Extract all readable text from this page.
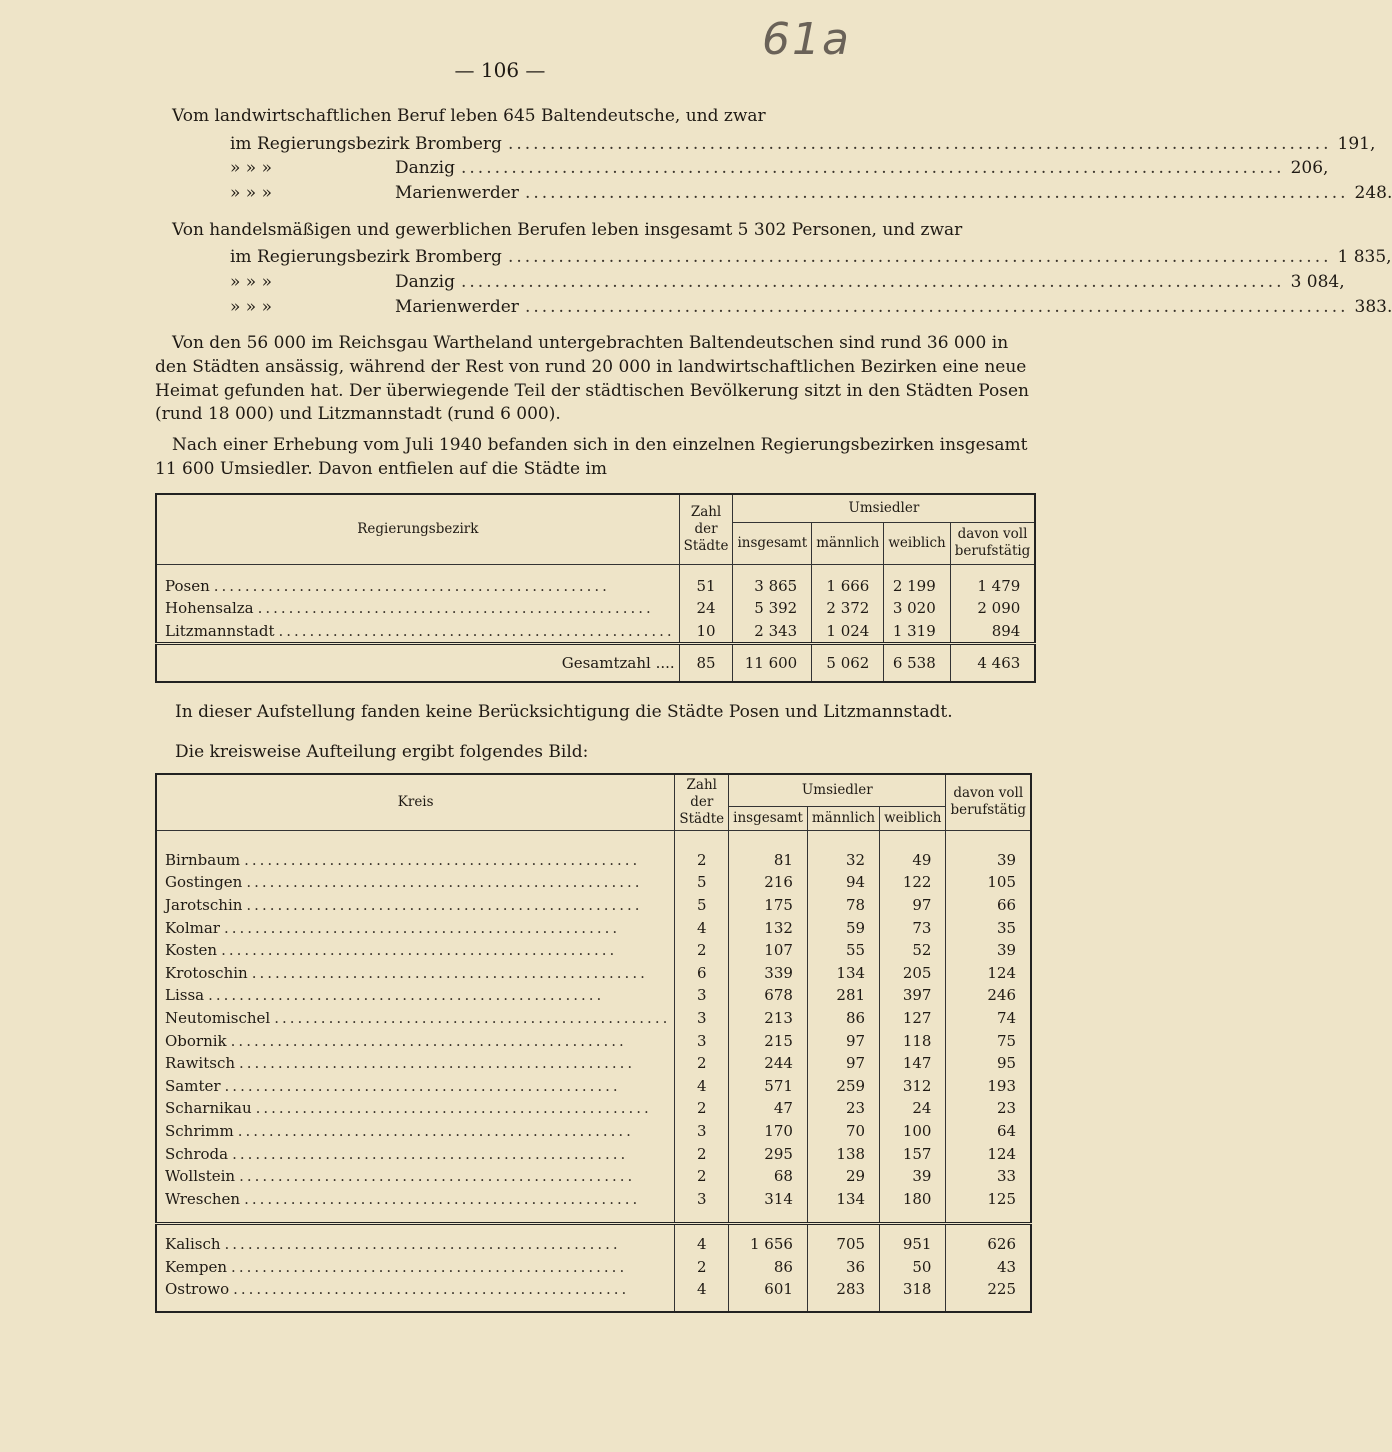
61a
— 106 —
Vom landwirtschaftlichen Beruf leben 645 Baltendeutsche, und zwar
im Regierungsbezirk Bromberg .................................................................................................. 191,
» » »	Danzig .................................................................................................. 206,
» » »	Marienwerder .................................................................................................. 248.
Von handelsmäßigen und gewerblichen Berufen leben insgesamt 5 302 Personen, und zwar
im Regierungsbezirk Bromberg .................................................................................................. 1 835,
» » »	Danzig .................................................................................................. 3 084,
» » »	Marienwerder .................................................................................................. 383.
Von den 56 000 im Reichsgau Wartheland untergebrachten Baltendeutschen sind rund 36 000 in
den Städten ansässig, während der Rest von rund 20 000 in landwirtschaftlichen Bezirken eine neue
Heimat gefunden hat. Der überwiegende Teil der städtischen Bevölkerung sitzt in den Städten Posen
(rund 18 000) und Litzmannstadt (rund 6 000).
Nach einer Erhebung vom Juli 1940 befanden sich in den einzelnen Regierungsbezirken insgesamt
11 600 Umsiedler. Davon entfielen auf die Städte im
Regierungsbezirk	Zahl der Städte	Umsiedler			
		insgesamt	männlich	weiblich	davon voll berufstätig

Posen ...................................................	51	3 865	1 666	2 199	1 479

Hohensalza ...................................................	24	5 392	2 372	3 020	2 090

Litzmannstadt ...................................................	10	2 343	1 024	1 319	894
Gesamtzahl ....	85	11 600	5 062	6 538	4 463
In dieser Aufstellung fanden keine Berücksichtigung die Städte Posen und Litzmannstadt.
Die kreisweise Aufteilung ergibt folgendes Bild:
Kreis	Zahl der Städte	Umsiedler			davon voll berufstätig
		insgesamt	männlich	weiblich	

Birnbaum ...................................................	2	81	32	49	39

Gostingen ...................................................	5	216	94	122	105

Jarotschin ...................................................	5	175	78	97	66

Kolmar ...................................................	4	132	59	73	35

Kosten ...................................................	2	107	55	52	39

Krotoschin ...................................................	6	339	134	205	124

Lissa ...................................................	3	678	281	397	246

Neutomischel ...................................................	3	213	86	127	74

Obornik ...................................................	3	215	97	118	75

Rawitsch ...................................................	2	244	97	147	95

Samter ...................................................	4	571	259	312	193

Scharnikau ...................................................	2	47	23	24	23

Schrimm ...................................................	3	170	70	100	64

Schroda ...................................................	2	295	138	157	124

Wollstein ...................................................	2	68	29	39	33

Wreschen ...................................................	3	314	134	180	125

Kalisch ...................................................	4	1 656	705	951	626

Kempen ...................................................	2	86	36	50	43

Ostrowo ...................................................	4	601	283	318	225
